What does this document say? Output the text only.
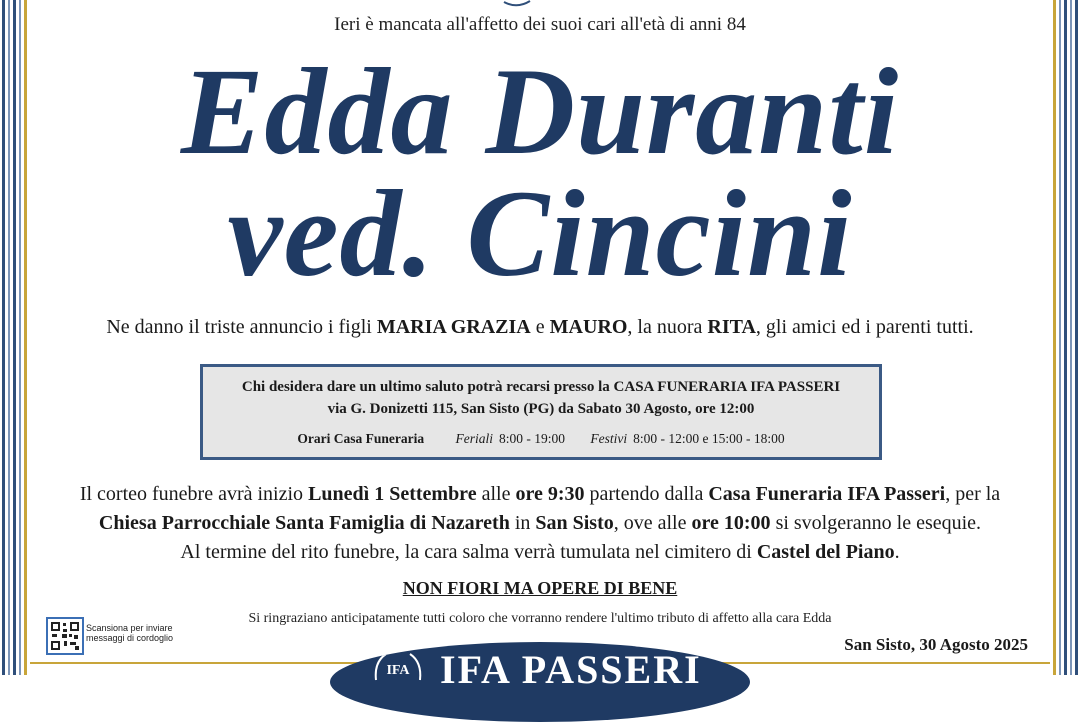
Ieri è mancata all'affetto dei suoi cari all'età di anni 84
Edda Duranti
ved. Cincini
Ne danno il triste annuncio i figli MARIA GRAZIA e MAURO, la nuora RITA, gli amici ed i parenti tutti.
Chi desidera dare un ultimo saluto potrà recarsi presso la CASA FUNERARIA IFA PASSERI
via G. Donizetti 115, San Sisto (PG) da Sabato 30 Agosto, ore 12:00
Orari Casa Funeraria Feriali 8:00 - 19:00 Festivi 8:00 - 12:00 e 15:00 - 18:00
Il corteo funebre avrà inizio Lunedì 1 Settembre alle ore 9:30 partendo dalla Casa Funeraria IFA Passeri, per la
Chiesa Parrocchiale Santa Famiglia di Nazareth in San Sisto, ove alle ore 10:00 si svolgeranno le esequie.
Al termine del rito funebre, la cara salma verrà tumulata nel cimitero di Castel del Piano.
NON FIORI MA OPERE DI BENE
Si ringraziano anticipatamente tutti coloro che vorranno rendere l'ultimo tributo di affetto alla cara Edda
Scansiona per inviare
messaggi di cordoglio	San Sisto, 30 Agosto 2025
IFA IFA PASSERI
